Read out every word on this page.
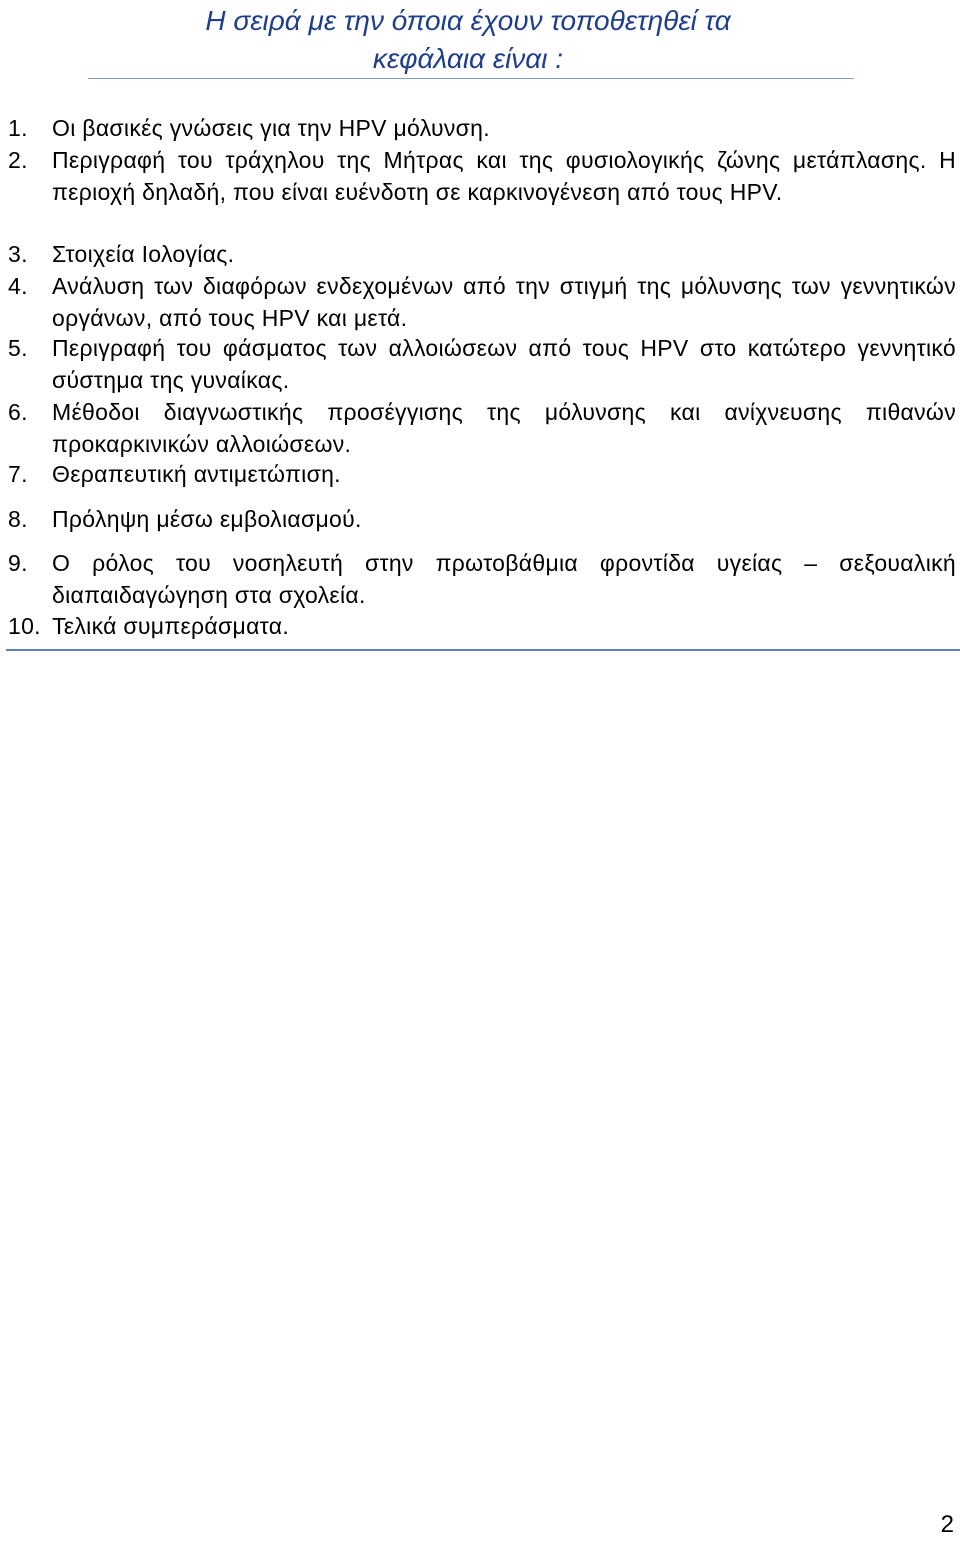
Η σειρά με την όποια έχουν τοποθετηθεί τα
κεφάλαια είναι :
1. Οι βασικές γνώσεις για την HPV μόλυνση.
2. Περιγραφή του τράχηλου της Μήτρας και της φυσιολογικής ζώνης μετάπλασης. Η περιοχή δηλαδή, που είναι ευένδοτη σε καρκινογένεση από τους HPV.
3. Στοιχεία Ιολογίας.
4. Ανάλυση των διαφόρων ενδεχομένων από την στιγμή της μόλυνσης των γεννητικών οργάνων, από τους HPV και μετά.
5. Περιγραφή του φάσματος των αλλοιώσεων από τους HPV στο κατώτερο γεννητικό σύστημα της γυναίκας.
6. Μέθοδοι διαγνωστικής προσέγγισης της μόλυνσης και ανίχνευσης πιθανών προκαρκινικών αλλοιώσεων.
7. Θεραπευτική αντιμετώπιση.
8. Πρόληψη μέσω εμβολιασμού.
9. Ο ρόλος του νοσηλευτή στην πρωτοβάθμια φροντίδα υγείας – σεξουαλική διαπαιδαγώγηση στα σχολεία.
10. Τελικά συμπεράσματα.
2
